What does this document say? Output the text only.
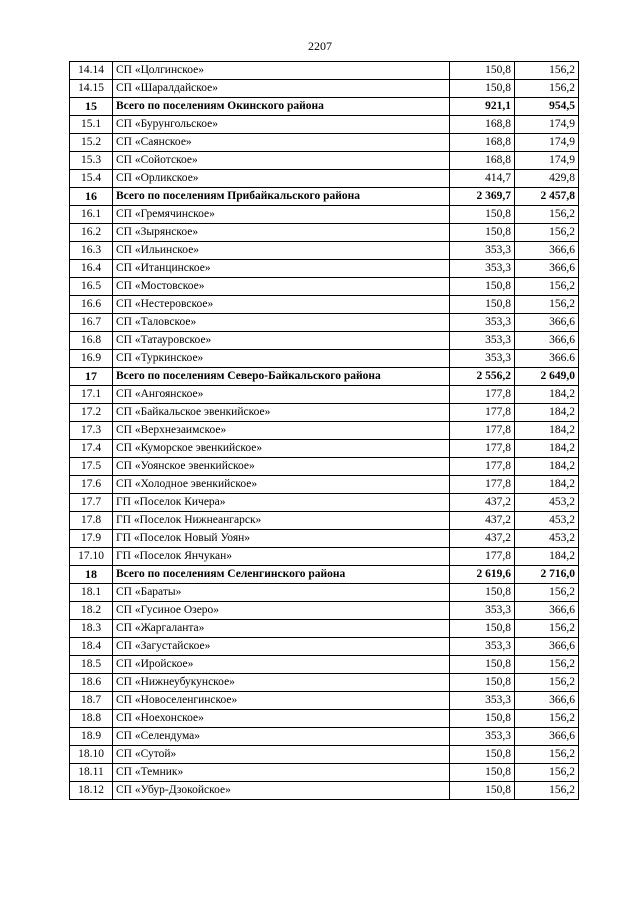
2207
14.14	СП «Цолгинское»	150,8	156,2
14.15	СП «Шаралдайское»	150,8	156,2
15	Всего по поселениям Окинского района	921,1	954,5
15.1	СП «Бурунгольское»	168,8	174,9
15.2	СП «Саянское»	168,8	174,9
15.3	СП «Сойотское»	168,8	174,9
15.4	СП «Орликское»	414,7	429,8
16	Всего по поселениям Прибайкальского района	2 369,7	2 457,8
16.1	СП «Гремячинское»	150,8	156,2
16.2	СП «Зырянское»	150,8	156,2
16.3	СП «Ильинское»	353,3	366,6
16.4	СП «Итанцинское»	353,3	366,6
16.5	СП «Мостовское»	150,8	156,2
16.6	СП «Нестеровское»	150,8	156,2
16.7	СП «Таловское»	353,3	366,6
16.8	СП «Татауровское»	353,3	366,6
16.9	СП «Туркинское»	353,3	366.6
17	Всего по поселениям Северо-Байкальского района	2 556,2	2 649,0
17.1	СП «Ангоянское»	177,8	184,2
17.2	СП «Байкальское эвенкийское»	177,8	184,2
17.3	СП «Верхнезаимское»	177,8	184,2
17.4	СП «Куморское эвенкийское»	177,8	184,2
17.5	СП «Уоянское эвенкийское»	177,8	184,2
17.6	СП «Холодное эвенкийское»	177,8	184,2
17.7	ГП «Поселок Кичера»	437,2	453,2
17.8	ГП «Поселок Нижнеангарск»	437,2	453,2
17.9	ГП «Поселок Новый Уоян»	437,2	453,2
17.10	ГП «Поселок Янчукан»	177,8	184,2
18	Всего по поселениям Селенгинского района	2 619,6	2 716,0
18.1	СП «Бараты»	150,8	156,2
18.2	СП «Гусиное Озеро»	353,3	366,6
18.3	СП «Жаргаланта»	150,8	156,2
18.4	СП «Загустайское»	353,3	366,6
18.5	СП «Иройское»	150,8	156,2
18.6	СП «Нижнеубукунское»	150,8	156,2
18.7	СП «Новоселенгинское»	353,3	366,6
18.8	СП «Ноехонское»	150,8	156,2
18.9	СП «Селендума»	353,3	366,6
18.10	СП «Сутой»	150,8	156,2
18.11	СП «Темник»	150,8	156,2
18.12	СП «Убур-Дзокойское»	150,8	156,2
